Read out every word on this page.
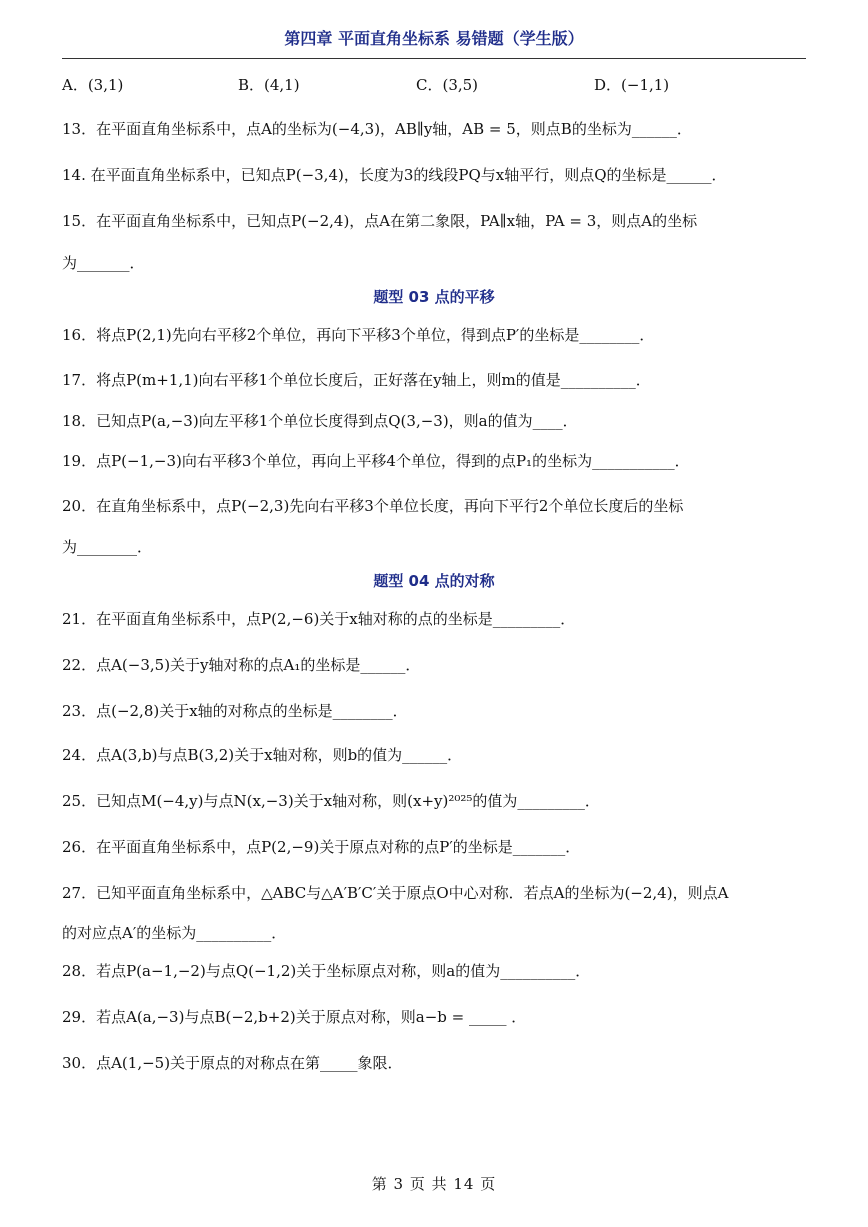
第四章 平面直角坐标系 易错题（学生版）
A．(3,1)	B．(4,1)	C．(3,5)	D．(−1,1)
13．在平面直角坐标系中，点A的坐标为(−4,3)，AB∥y轴，AB = 5，则点B的坐标为______．
14. 在平面直角坐标系中，已知点P(−3,4)，长度为3的线段PQ与x轴平行，则点Q的坐标是______．
15．在平面直角坐标系中，已知点P(−2,4)，点A在第二象限，PA∥x轴，PA = 3，则点A的坐标
为_______．
题型 03 点的平移
16．将点P(2,1)先向右平移2个单位，再向下平移3个单位，得到点P′的坐标是________．
17．将点P(m+1,1)向右平移1个单位长度后，正好落在y轴上，则m的值是__________．
18．已知点P(a,−3)向左平移1个单位长度得到点Q(3,−3)，则a的值为____．
19．点P(−1,−3)向右平移3个单位，再向上平移4个单位，得到的点P₁的坐标为___________．
20．在直角坐标系中，点P(−2,3)先向右平移3个单位长度，再向下平行2个单位长度后的坐标
为________．
题型 04 点的对称
21．在平面直角坐标系中，点P(2,−6)关于x轴对称的点的坐标是_________．
22．点A(−3,5)关于y轴对称的点A₁的坐标是______．
23．点(−2,8)关于x轴的对称点的坐标是________．
24．点A(3,b)与点B(3,2)关于x轴对称，则b的值为______．
25．已知点M(−4,y)与点N(x,−3)关于x轴对称，则(x+y)²⁰²⁵的值为_________．
26．在平面直角坐标系中，点P(2,−9)关于原点对称的点P′的坐标是_______．
27．已知平面直角坐标系中，△ABC与△A′B′C′关于原点O中心对称．若点A的坐标为(−2,4)，则点A
的对应点A′的坐标为__________．
28．若点P(a−1,−2)与点Q(−1,2)关于坐标原点对称，则a的值为__________．
29．若点A(a,−3)与点B(−2,b+2)关于原点对称，则a−b = _____ ．
30．点A(1,−5)关于原点的对称点在第_____象限．
第 3 页 共 14 页
